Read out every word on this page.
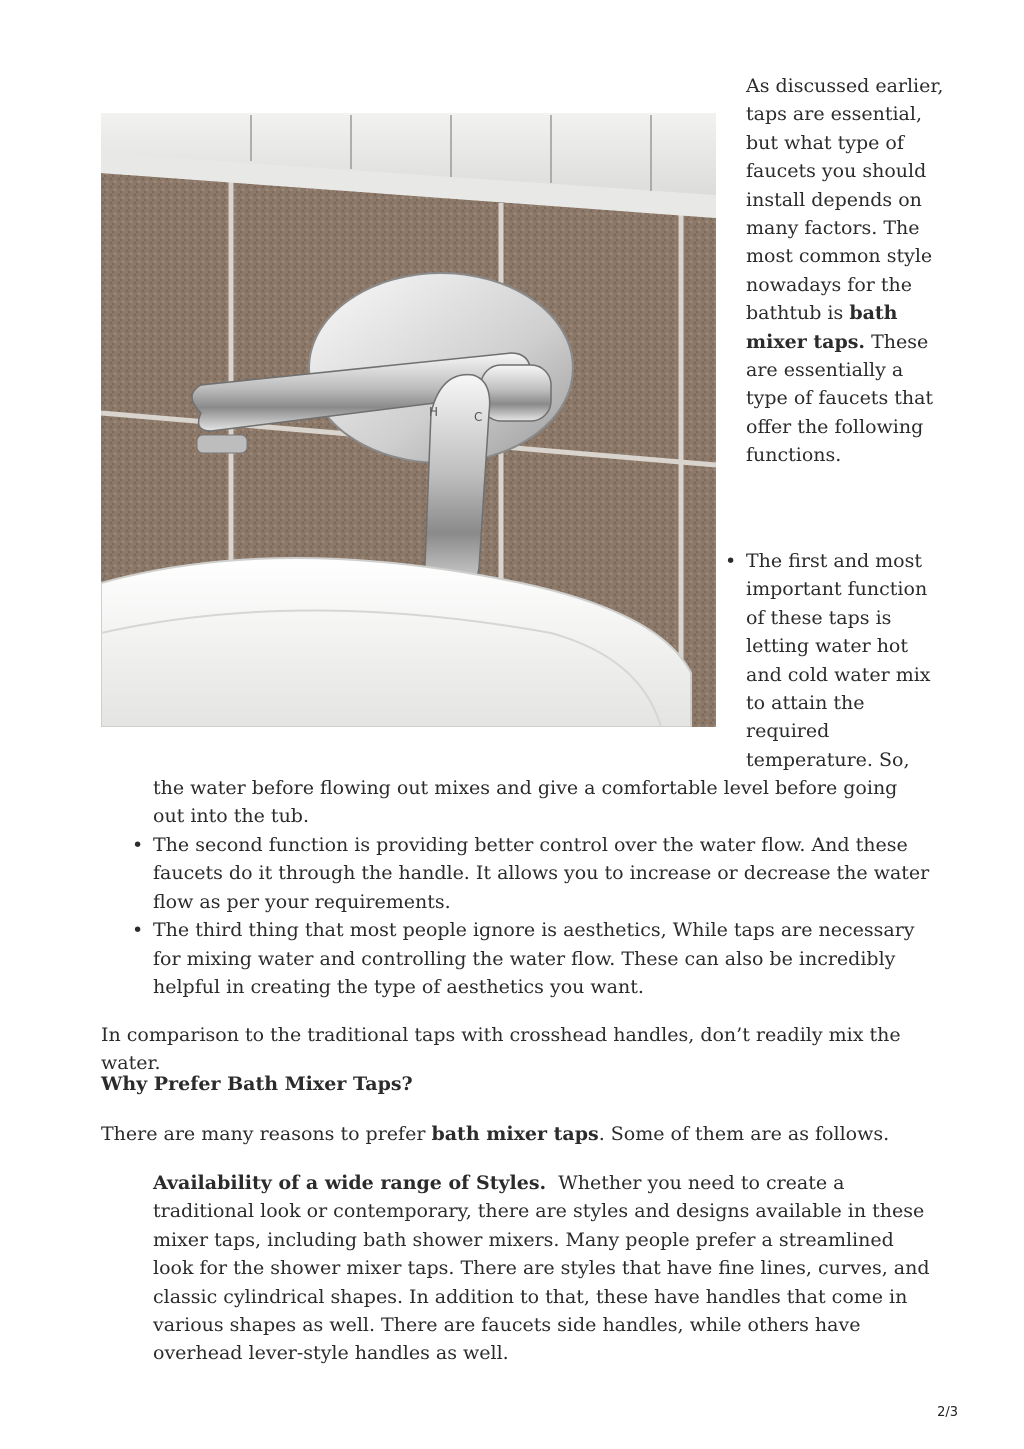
H	C

As discussed earlier, taps are essential, but what type of faucets you should install depends on many factors. The most common style nowadays for the bathtub is bath mixer taps. These are essentially a type of faucets that offer the following functions.

• The first and most important function of these taps is letting water hot and cold water mix to attain the required temperature. So,

the water before flowing out mixes and give a comfortable level before going out into the tub.

• The second function is providing better control over the water flow. And these faucets do it through the handle. It allows you to increase or decrease the water flow as per your requirements.
• The third thing that most people ignore is aesthetics, While taps are necessary for mixing water and controlling the water flow. These can also be incredibly helpful in creating the type of aesthetics you want.

In comparison to the traditional taps with crosshead handles, don’t readily mix the water.

Why Prefer Bath Mixer Taps?

There are many reasons to prefer bath mixer taps. Some of them are as follows.

Availability of a wide range of Styles.  Whether you need to create a traditional look or contemporary, there are styles and designs available in these mixer taps, including bath shower mixers. Many people prefer a streamlined look for the shower mixer taps. There are styles that have fine lines, curves, and classic cylindrical shapes. In addition to that, these have handles that come in various shapes as well. There are faucets side handles, while others have overhead lever-style handles as well.

2/3
